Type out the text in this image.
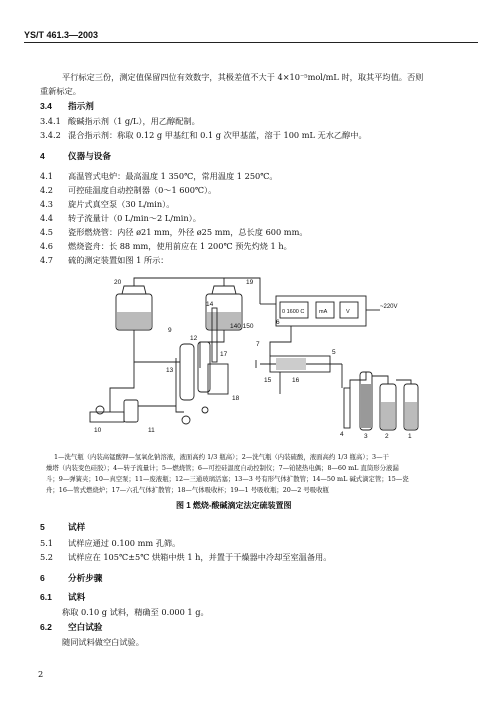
YS/T 461.3—2003
平行标定三份，测定值保留四位有效数字，其极差值不大于 4×10⁻⁵mol/mL 时，取其平均值。否则
重新标定。
3.4 指示剂
3.4.1 酸碱指示剂（1 g/L），用乙醇配制。
3.4.2 混合指示剂：称取 0.12 g 甲基红和 0.1 g 次甲基蓝，溶于 100 mL 无水乙醇中。
4	仪器与设备
4.1 高温管式电炉：最高温度 1 350℃，常用温度 1 250℃。
4.2 可控硅温度自动控制器（0～1 600℃）。
4.3 旋片式真空泵（30 L/min）。
4.4 转子流量计（0 L/min～2 L/min）。
4.5 瓷形燃烧管：内径 ø21 mm，外径 ø25 mm，总长度 600 mm。
4.6 燃烧瓷舟：长 88 mm，使用前应在 1 200℃ 预先灼烧 1 h。
4.7 硫的测定装置如图 1 所示：
20	19
9
14
140 150
12
13
17
18
0 1600 C	mA	V
~220V
6
7
15	16
5
4	3	2	1
10	11
1—洗气瓶（内装高锰酸钾—氢氧化钠溶液，液面高约 1/3 瓶高）；2—洗气瓶（内装硫酸，液面高约 1/3 瓶高）；3—干
燥塔（内装变色硅胶）；4—转子流量计；5—燃烧管；6—可控硅温度自动控制仪；7—铂铑热电偶；8—60 mL 直筒形分液漏
斗；9—弹簧夹；10—真空泵；11—废液瓶；12—三通玻璃活塞；13—3 号有形气体扩散管；14—50 mL 碱式滴定管；15—瓷
舟；16—管式燃烧炉；17—六孔气体扩散管；18—气体吸收杯；19—1 号吸收瓶；20—2 号吸收瓶
图 1 燃烧-酸碱滴定法定硫装置图
5	试样
5.1 试样应通过 0.100 mm 孔筛。
5.2 试样应在 105℃±5℃ 烘箱中烘 1 h，并置于干燥器中冷却至室温备用。
6	分析步骤
6.1 试料
称取 0.10 g 试料，精确至 0.000 1 g。
6.2 空白试验
随同试料做空白试验。
2
